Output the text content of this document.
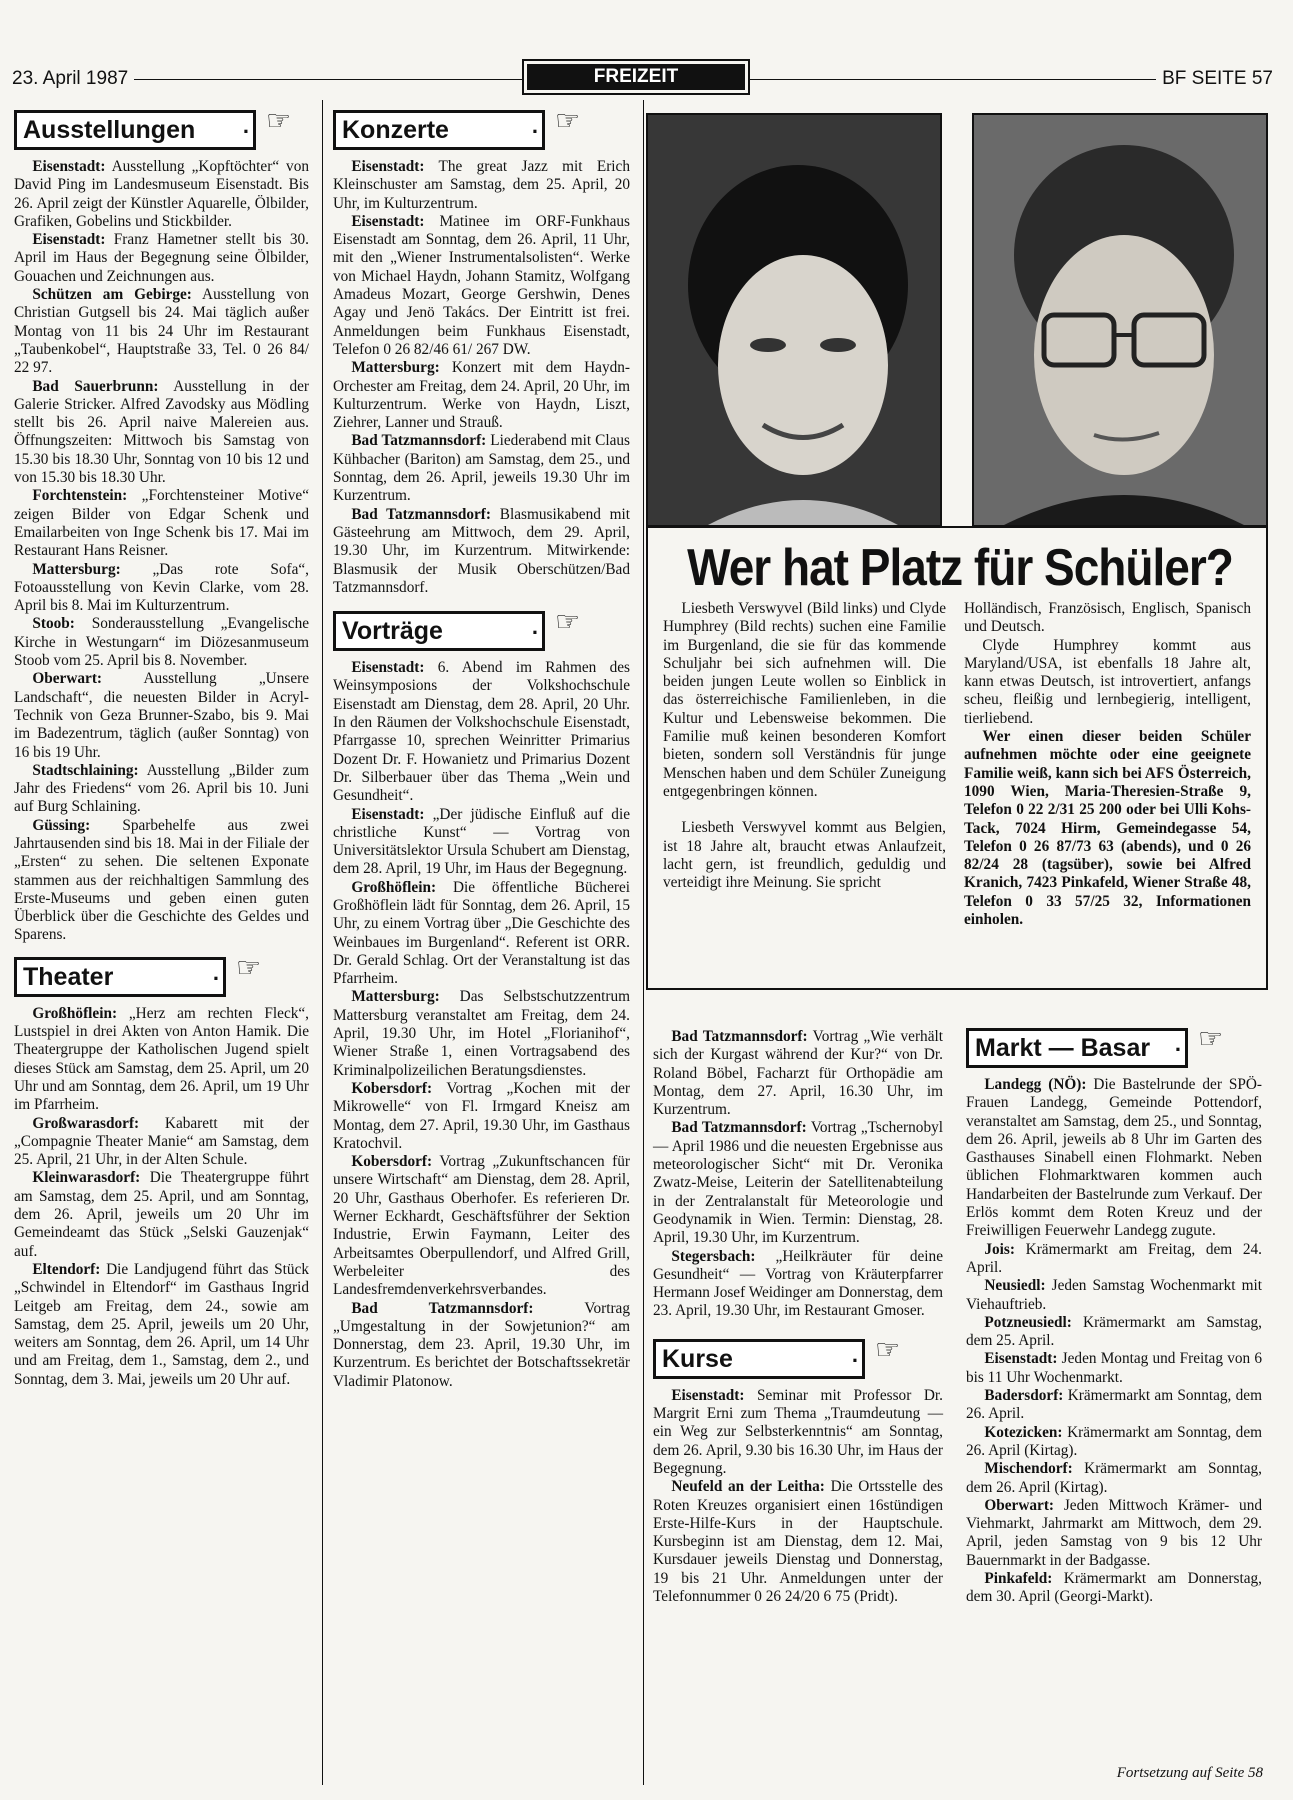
23. April 1987	FREIZEIT	BF SEITE 57
Ausstellungen .	☞

Eisenstadt: Ausstellung „Kopftöchter“ von David Ping im Landesmuseum Eisenstadt. Bis 26. April zeigt der Künstler Aquarelle, Ölbilder, Grafiken, Gobelins und Stickbilder.

Eisenstadt: Franz Hametner stellt bis 30. April im Haus der Begegnung seine Ölbilder, Gouachen und Zeichnungen aus.

Schützen am Gebirge: Ausstellung von Christian Gutgsell bis 24. Mai täglich außer Montag von 11 bis 24 Uhr im Restaurant „Taubenkobel“, Hauptstraße 33, Tel. 0 26 84/ 22 97.

Bad Sauerbrunn: Ausstellung in der Galerie Stricker. Alfred Zavodsky aus Mödling stellt bis 26. April naive Malereien aus. Öffnungszeiten: Mittwoch bis Samstag von 15.30 bis 18.30 Uhr, Sonntag von 10 bis 12 und von 15.30 bis 18.30 Uhr.

Forchtenstein: „Forchtensteiner Motive“ zeigen Bilder von Edgar Schenk und Emailarbeiten von Inge Schenk bis 17. Mai im Restaurant Hans Reisner.

Mattersburg: „Das rote Sofa“, Fotoausstellung von Kevin Clarke, vom 28. April bis 8. Mai im Kulturzentrum.

Stoob: Sonderausstellung „Evangelische Kirche in Westungarn“ im Diözesanmuseum Stoob vom 25. April bis 8. November.

Oberwart:	Ausstellung „Unsere Landschaft“, die neuesten Bilder in Acryl-Technik von Geza Brunner-Szabo, bis 9. Mai im Badezentrum, täglich (außer Sonntag) von 16 bis 19 Uhr.

Stadtschlaining: Ausstellung „Bilder zum Jahr des Friedens“ vom 26. April bis 10. Juni auf Burg Schlaining.

Güssing: Sparbehelfe aus zwei Jahrtausenden sind bis 18. Mai in der Filiale der „Ersten“ zu sehen. Die seltenen Exponate stammen aus der reichhaltigen Sammlung des Erste-Museums und geben einen guten Überblick über die Geschichte des Geldes und Sparens.

Theater .	☞

Großhöflein: „Herz am rechten Fleck“, Lustspiel in drei Akten von Anton Hamik. Die Theatergruppe der Katholischen Jugend spielt dieses Stück am Samstag, dem 25. April, um 20 Uhr und am Sonntag, dem 26. April, um 19 Uhr im Pfarrheim.

Großwarasdorf: Kabarett mit der „Compagnie Theater Manie“ am Samstag, dem 25. April, 21 Uhr, in der Alten Schule.

Kleinwarasdorf: Die Theatergruppe führt am Samstag, dem 25. April, und am Sonntag, dem 26. April, jeweils um 20 Uhr im Gemeindeamt das Stück „Selski Gauzenjak“ auf.

Eltendorf: Die Landjugend führt das Stück „Schwindel in Eltendorf“ im Gasthaus Ingrid Leitgeb am Freitag, dem 24., sowie am Samstag, dem 25. April, jeweils um 20 Uhr, weiters am Sonntag, dem 26. April, um 14 Uhr und am Freitag, dem 1., Samstag, dem 2., und Sonntag, dem 3. Mai, jeweils um 20 Uhr auf.

Konzerte .	☞

Eisenstadt: The great Jazz mit Erich Kleinschuster am Samstag, dem 25. April, 20 Uhr, im Kulturzentrum.

Eisenstadt: Matinee im ORF-Funkhaus Eisenstadt am Sonntag, dem 26. April, 11 Uhr, mit den „Wiener Instrumentalsolisten“. Werke von Michael Haydn, Johann Stamitz, Wolfgang Amadeus Mozart, George Gershwin, Denes Agay und Jenö Takács. Der Eintritt ist frei. Anmeldungen beim Funkhaus Eisenstadt, Telefon 0 26 82/46 61/ 267 DW.

Mattersburg: Konzert mit dem Haydn-Orchester am Freitag, dem 24. April, 20 Uhr, im Kulturzentrum. Werke von Haydn, Liszt, Ziehrer, Lanner und Strauß.

Bad Tatzmannsdorf: Liederabend mit Claus Kühbacher (Bariton) am Samstag, dem 25., und Sonntag, dem 26. April, jeweils 19.30 Uhr im Kurzentrum.

Bad Tatzmannsdorf: Blasmusikabend mit Gästeehrung am Mittwoch, dem 29. April, 19.30 Uhr, im Kurzentrum. Mitwirkende: Blasmusik der Musik Oberschützen/Bad Tatzmannsdorf.

Vorträge .	☞

Eisenstadt: 6. Abend im Rahmen des Weinsymposions der Volkshochschule Eisenstadt am Dienstag, dem 28. April, 20 Uhr. In den Räumen der Volkshochschule Eisenstadt, Pfarrgasse 10, sprechen Weinritter Primarius Dozent Dr. F. Howanietz und Primarius Dozent Dr. Silberbauer über das Thema „Wein und Gesundheit“.

Eisenstadt: „Der jüdische Einfluß auf die christliche Kunst“ — Vortrag von Universitätslektor Ursula Schubert am Dienstag, dem 28. April, 19 Uhr, im Haus der Begegnung.

Großhöflein: Die öffentliche Bücherei Großhöflein lädt für Sonntag, dem 26. April, 15 Uhr, zu einem Vortrag über „Die Geschichte des Weinbaues im Burgenland“. Referent ist ORR. Dr. Gerald Schlag. Ort der Veranstaltung ist das Pfarrheim.

Mattersburg: Das Selbstschutzzentrum Mattersburg veranstaltet am Freitag, dem 24. April, 19.30 Uhr, im Hotel „Florianihof“, Wiener Straße 1, einen Vortragsabend des Kriminalpolizeilichen Beratungsdienstes.

Kobersdorf: Vortrag „Kochen mit der Mikrowelle“ von Fl. Irmgard Kneisz am Montag, dem 27. April, 19.30 Uhr, im Gasthaus Kratochvil.

Kobersdorf: Vortrag „Zukunftschancen für unsere Wirtschaft“ am Dienstag, dem 28. April, 20 Uhr, Gasthaus Oberhofer. Es referieren Dr. Werner Eckhardt, Geschäftsführer der Sektion Industrie, Erwin Faymann, Leiter des Arbeitsamtes Oberpullendorf, und Alfred Grill, Werbeleiter des Landesfremdenverkehrsverbandes.

Bad Tatzmannsdorf:	Vortrag „Umgestaltung in der Sowjetunion?“ am Donnerstag, dem 23. April, 19.30 Uhr, im Kurzentrum. Es berichtet der Botschaftssekretär Vladimir Platonow.

Wer hat Platz für Schüler?

Liesbeth Verswyvel (Bild links) und Clyde Humphrey (Bild rechts) suchen eine Familie im Burgenland, die sie für das kommende Schuljahr bei sich aufnehmen will. Die beiden jungen Leute wollen so Einblick in das österreichische Familienleben, in die Kultur und Lebensweise bekommen. Die Familie muß keinen besonderen Komfort bieten, sondern soll Verständnis für junge Menschen haben und dem Schüler Zuneigung entgegenbringen können.

Liesbeth Verswyvel kommt aus Belgien, ist 18 Jahre alt, braucht etwas Anlaufzeit, lacht gern, ist freundlich, geduldig und verteidigt ihre Meinung. Sie spricht

Holländisch, Französisch, Englisch, Spanisch und Deutsch.

Clyde Humphrey kommt aus Maryland/USA, ist ebenfalls 18 Jahre alt, kann etwas Deutsch, ist introvertiert, anfangs scheu, fleißig und lernbegierig, intelligent, tierliebend.

Wer einen dieser beiden Schüler aufnehmen möchte oder eine geeignete Familie weiß, kann sich bei AFS Österreich, 1090 Wien, Maria-Theresien-Straße 9, Telefon 0 22 2/31 25 200 oder bei Ulli Kohs-Tack, 7024 Hirm, Gemeindegasse 54, Telefon 0 26 87/73 63 (abends), und 0 26 82/24 28 (tagsüber), sowie bei Alfred Kranich, 7423 Pinkafeld, Wiener Straße 48, Telefon 0 33 57/25 32, Informationen einholen.

Bad Tatzmannsdorf: Vortrag „Wie verhält sich der Kurgast während der Kur?“ von Dr. Roland Böbel, Facharzt für Orthopädie am Montag, dem 27. April, 16.30 Uhr, im Kurzentrum.

Bad Tatzmannsdorf: Vortrag „Tschernobyl — April 1986 und die neuesten Ergebnisse aus meteorologischer Sicht“ mit Dr. Veronika Zwatz-Meise, Leiterin der Satellitenabteilung in der Zentralanstalt für Meteorologie und Geodynamik in Wien. Termin: Dienstag, 28. April, 19.30 Uhr, im Kurzentrum.

Stegersbach: „Heilkräuter für deine Gesundheit“ — Vortrag von Kräuterpfarrer Hermann Josef Weidinger am Donnerstag, dem 23. April, 19.30 Uhr, im Restaurant Gmoser.

Kurse .	☞

Eisenstadt: Seminar mit Professor Dr. Margrit Erni zum Thema „Traumdeutung — ein Weg zur Selbsterkenntnis“ am Sonntag, dem 26. April, 9.30 bis 16.30 Uhr, im Haus der Begegnung.

Neufeld an der Leitha: Die Ortsstelle des Roten Kreuzes organisiert einen 16stündigen Erste-Hilfe-Kurs in der Hauptschule. Kursbeginn ist am Dienstag, dem 12. Mai, Kursdauer jeweils Dienstag und Donnerstag, 19 bis 21 Uhr. Anmeldungen unter der Telefonnummer 0 26 24/20 6 75 (Pridt).

Markt — Basar .	☞

Landegg (NÖ): Die Bastelrunde der SPÖ-Frauen Landegg, Gemeinde Pottendorf, veranstaltet am Samstag, dem 25., und Sonntag, dem 26. April, jeweils ab 8 Uhr im Garten des Gasthauses Sinabell einen Flohmarkt. Neben üblichen Flohmarktwaren kommen auch Handarbeiten der Bastelrunde zum Verkauf. Der Erlös kommt dem Roten Kreuz und der Freiwilligen Feuerwehr Landegg zugute.

Jois: Krämermarkt am Freitag, dem 24. April.

Neusiedl: Jeden Samstag Wochenmarkt mit Viehauftrieb.

Potzneusiedl: Krämermarkt am Samstag, dem 25. April.

Eisenstadt: Jeden Montag und Freitag von 6 bis 11 Uhr Wochenmarkt.

Badersdorf: Krämermarkt am Sonntag, dem 26. April.

Kotezicken: Krämermarkt am Sonntag, dem 26. April (Kirtag).

Mischendorf: Krämermarkt am Sonntag, dem 26. April (Kirtag).

Oberwart: Jeden Mittwoch Krämer- und Viehmarkt, Jahrmarkt am Mittwoch, dem 29. April, jeden Samstag von 9 bis 12 Uhr Bauernmarkt in der Badgasse.

Pinkafeld: Krämermarkt am Donnerstag, dem 30. April (Georgi-Markt).

Fortsetzung auf Seite 58
